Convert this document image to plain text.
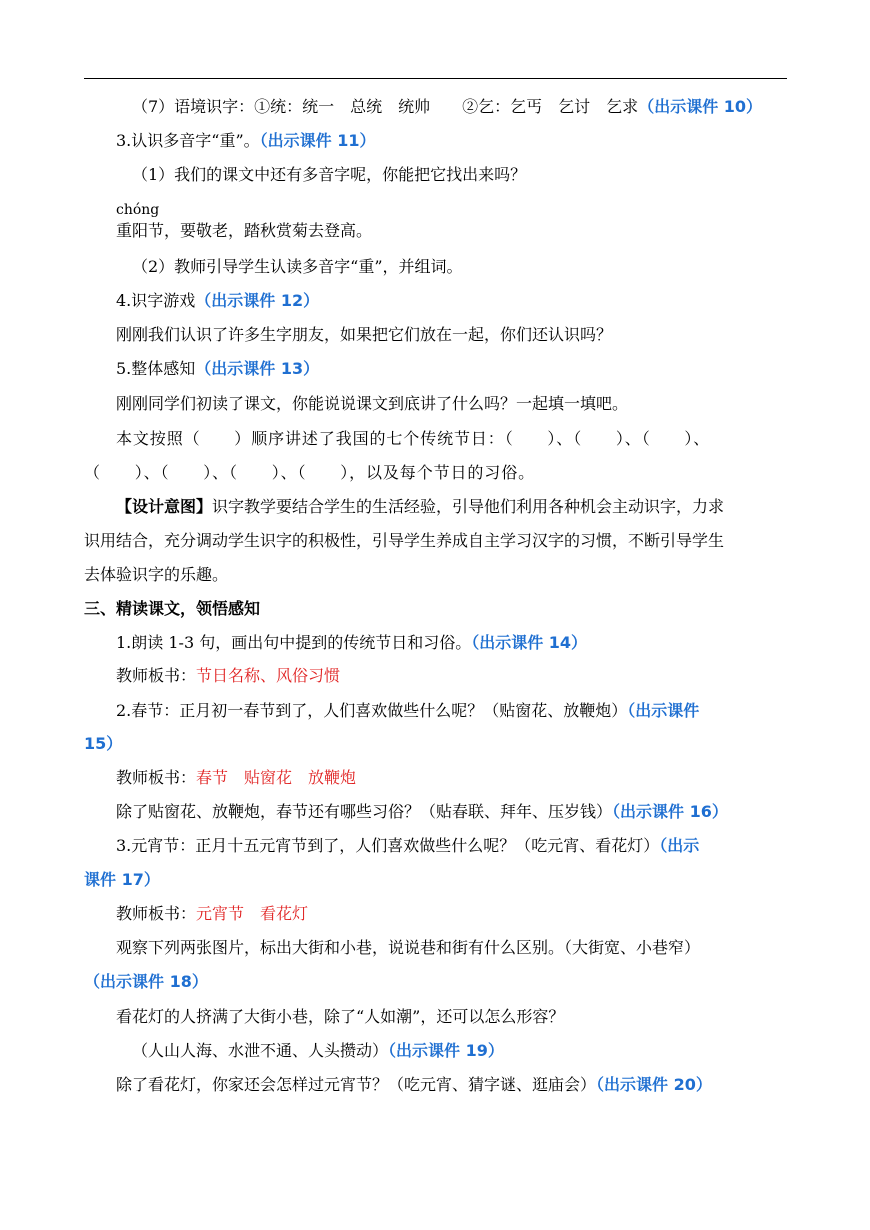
（7）语境识字：①统：统一　总统　统帅　　②乞：乞丐　乞讨　乞求（出示课件 10）
3.认识多音字“重”。（出示课件 11）
（1）我们的课文中还有多音字呢，你能把它找出来吗？
chóng
重阳节，要敬老，踏秋赏菊去登高。
（2）教师引导学生认读多音字“重”，并组词。
4.识字游戏（出示课件 12）
刚刚我们认识了许多生字朋友，如果把它们放在一起，你们还认识吗？
5.整体感知（出示课件 13）
刚刚同学们初读了课文，你能说说课文到底讲了什么吗？一起填一填吧。
本文按照（　　）顺序讲述了我国的七个传统节日：（　　）、（　　）、（　　）、
（　　）、（　　）、（　　）、（　　），以及每个节日的习俗。
【设计意图】识字教学要结合学生的生活经验，引导他们利用各种机会主动识字，力求
识用结合，充分调动学生识字的积极性，引导学生养成自主学习汉字的习惯，不断引导学生
去体验识字的乐趣。
三、精读课文，领悟感知
1.朗读 1-3 句，画出句中提到的传统节日和习俗。（出示课件 14）
教师板书：节日名称、风俗习惯
2.春节：正月初一春节到了，人们喜欢做些什么呢？（贴窗花、放鞭炮）（出示课件
15）
教师板书：春节　贴窗花　放鞭炮
除了贴窗花、放鞭炮，春节还有哪些习俗？（贴春联、拜年、压岁钱）（出示课件 16）
3.元宵节：正月十五元宵节到了，人们喜欢做些什么呢？（吃元宵、看花灯）（出示
课件 17）
教师板书：元宵节　看花灯
观察下列两张图片，标出大街和小巷，说说巷和街有什么区别。（大街宽、小巷窄）
（出示课件 18）
看花灯的人挤满了大街小巷，除了“人如潮”，还可以怎么形容？
（人山人海、水泄不通、人头攒动）（出示课件 19）
除了看花灯，你家还会怎样过元宵节？（吃元宵、猜字谜、逛庙会）（出示课件 20）
